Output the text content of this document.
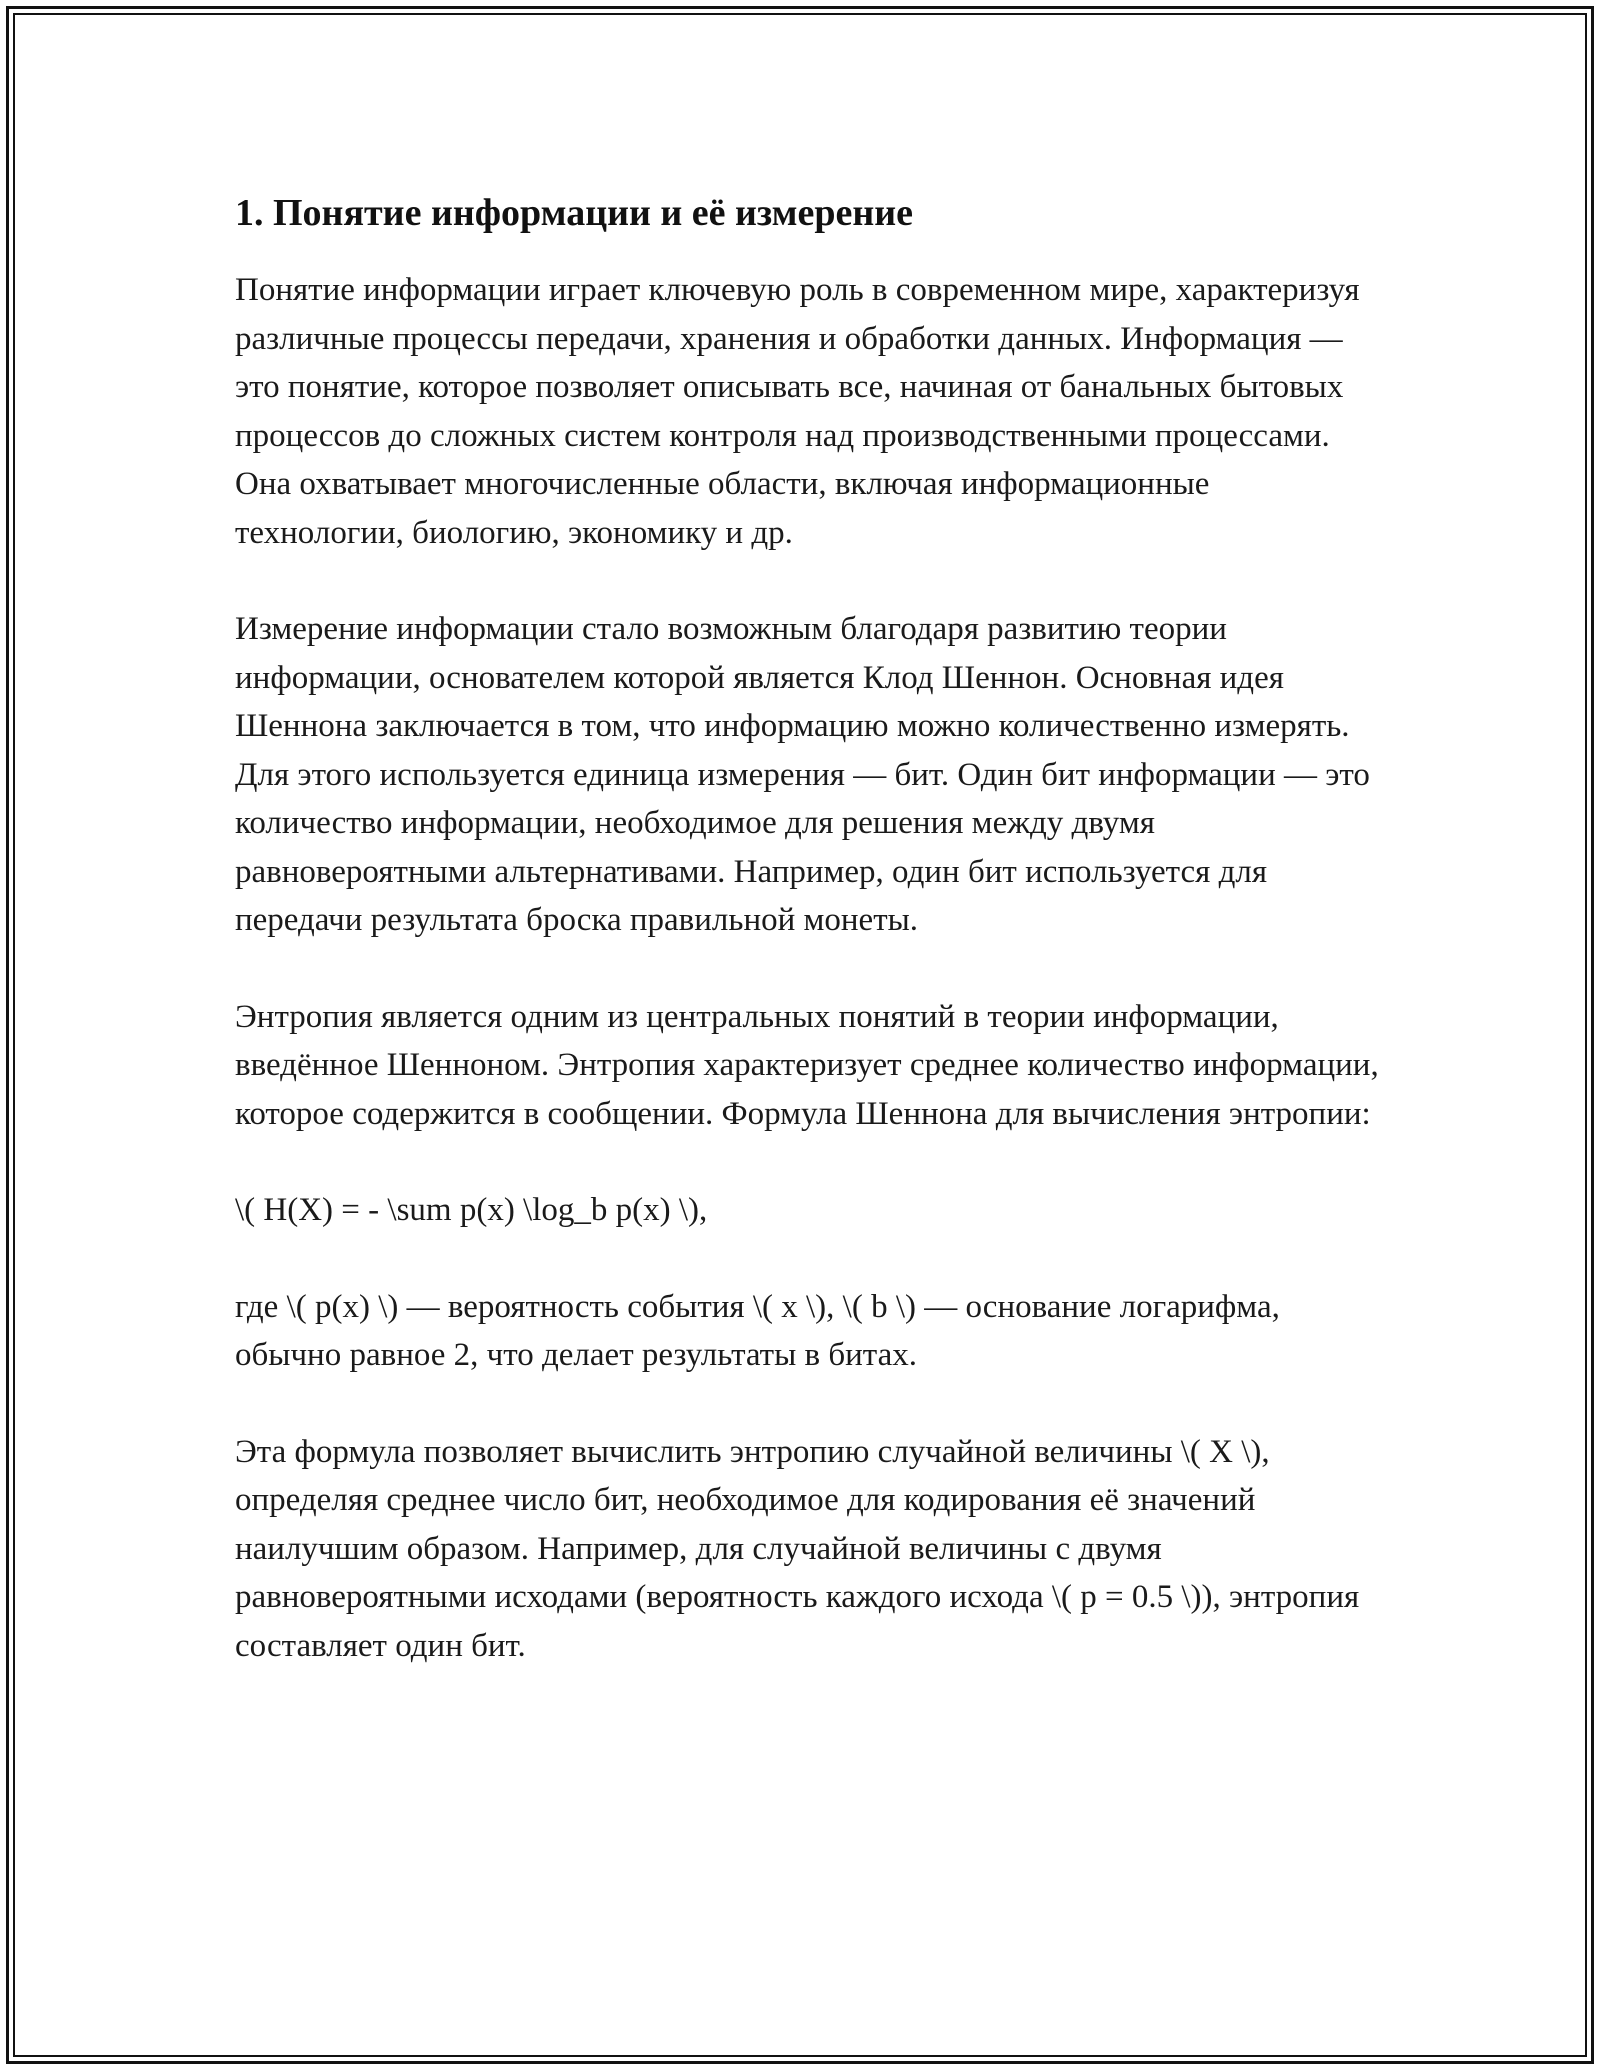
1. Понятие информации и её измерение

Понятие информации играет ключевую роль в современном мире, характеризуя различные процессы передачи, хранения и обработки данных. Информация — это понятие, которое позволяет описывать все, начиная от банальных бытовых процессов до сложных систем контроля над производственными процессами. Она охватывает многочисленные области, включая информационные технологии, биологию, экономику и др.

Измерение информации стало возможным благодаря развитию теории информации, основателем которой является Клод Шеннон. Основная идея Шеннона заключается в том, что информацию можно количественно измерять. Для этого используется единица измерения — бит. Один бит информации — это количество информации, необходимое для решения между двумя равновероятными альтернативами. Например, один бит используется для передачи результата броска правильной монеты.

Энтропия является одним из центральных понятий в теории информации, введённое Шенноном. Энтропия характеризует среднее количество информации, которое содержится в сообщении. Формула Шеннона для вычисления энтропии:

\( H(X) = - \sum p(x) \log_b p(x) \),

где \( p(x) \) — вероятность события \( x \), \( b \) — основание логарифма, обычно равное 2, что делает результаты в битах.

Эта формула позволяет вычислить энтропию случайной величины \( X \), определяя среднее число бит, необходимое для кодирования её значений наилучшим образом. Например, для случайной величины с двумя равновероятными исходами (вероятность каждого исхода \( p = 0.5 \)), энтропия составляет один бит.
